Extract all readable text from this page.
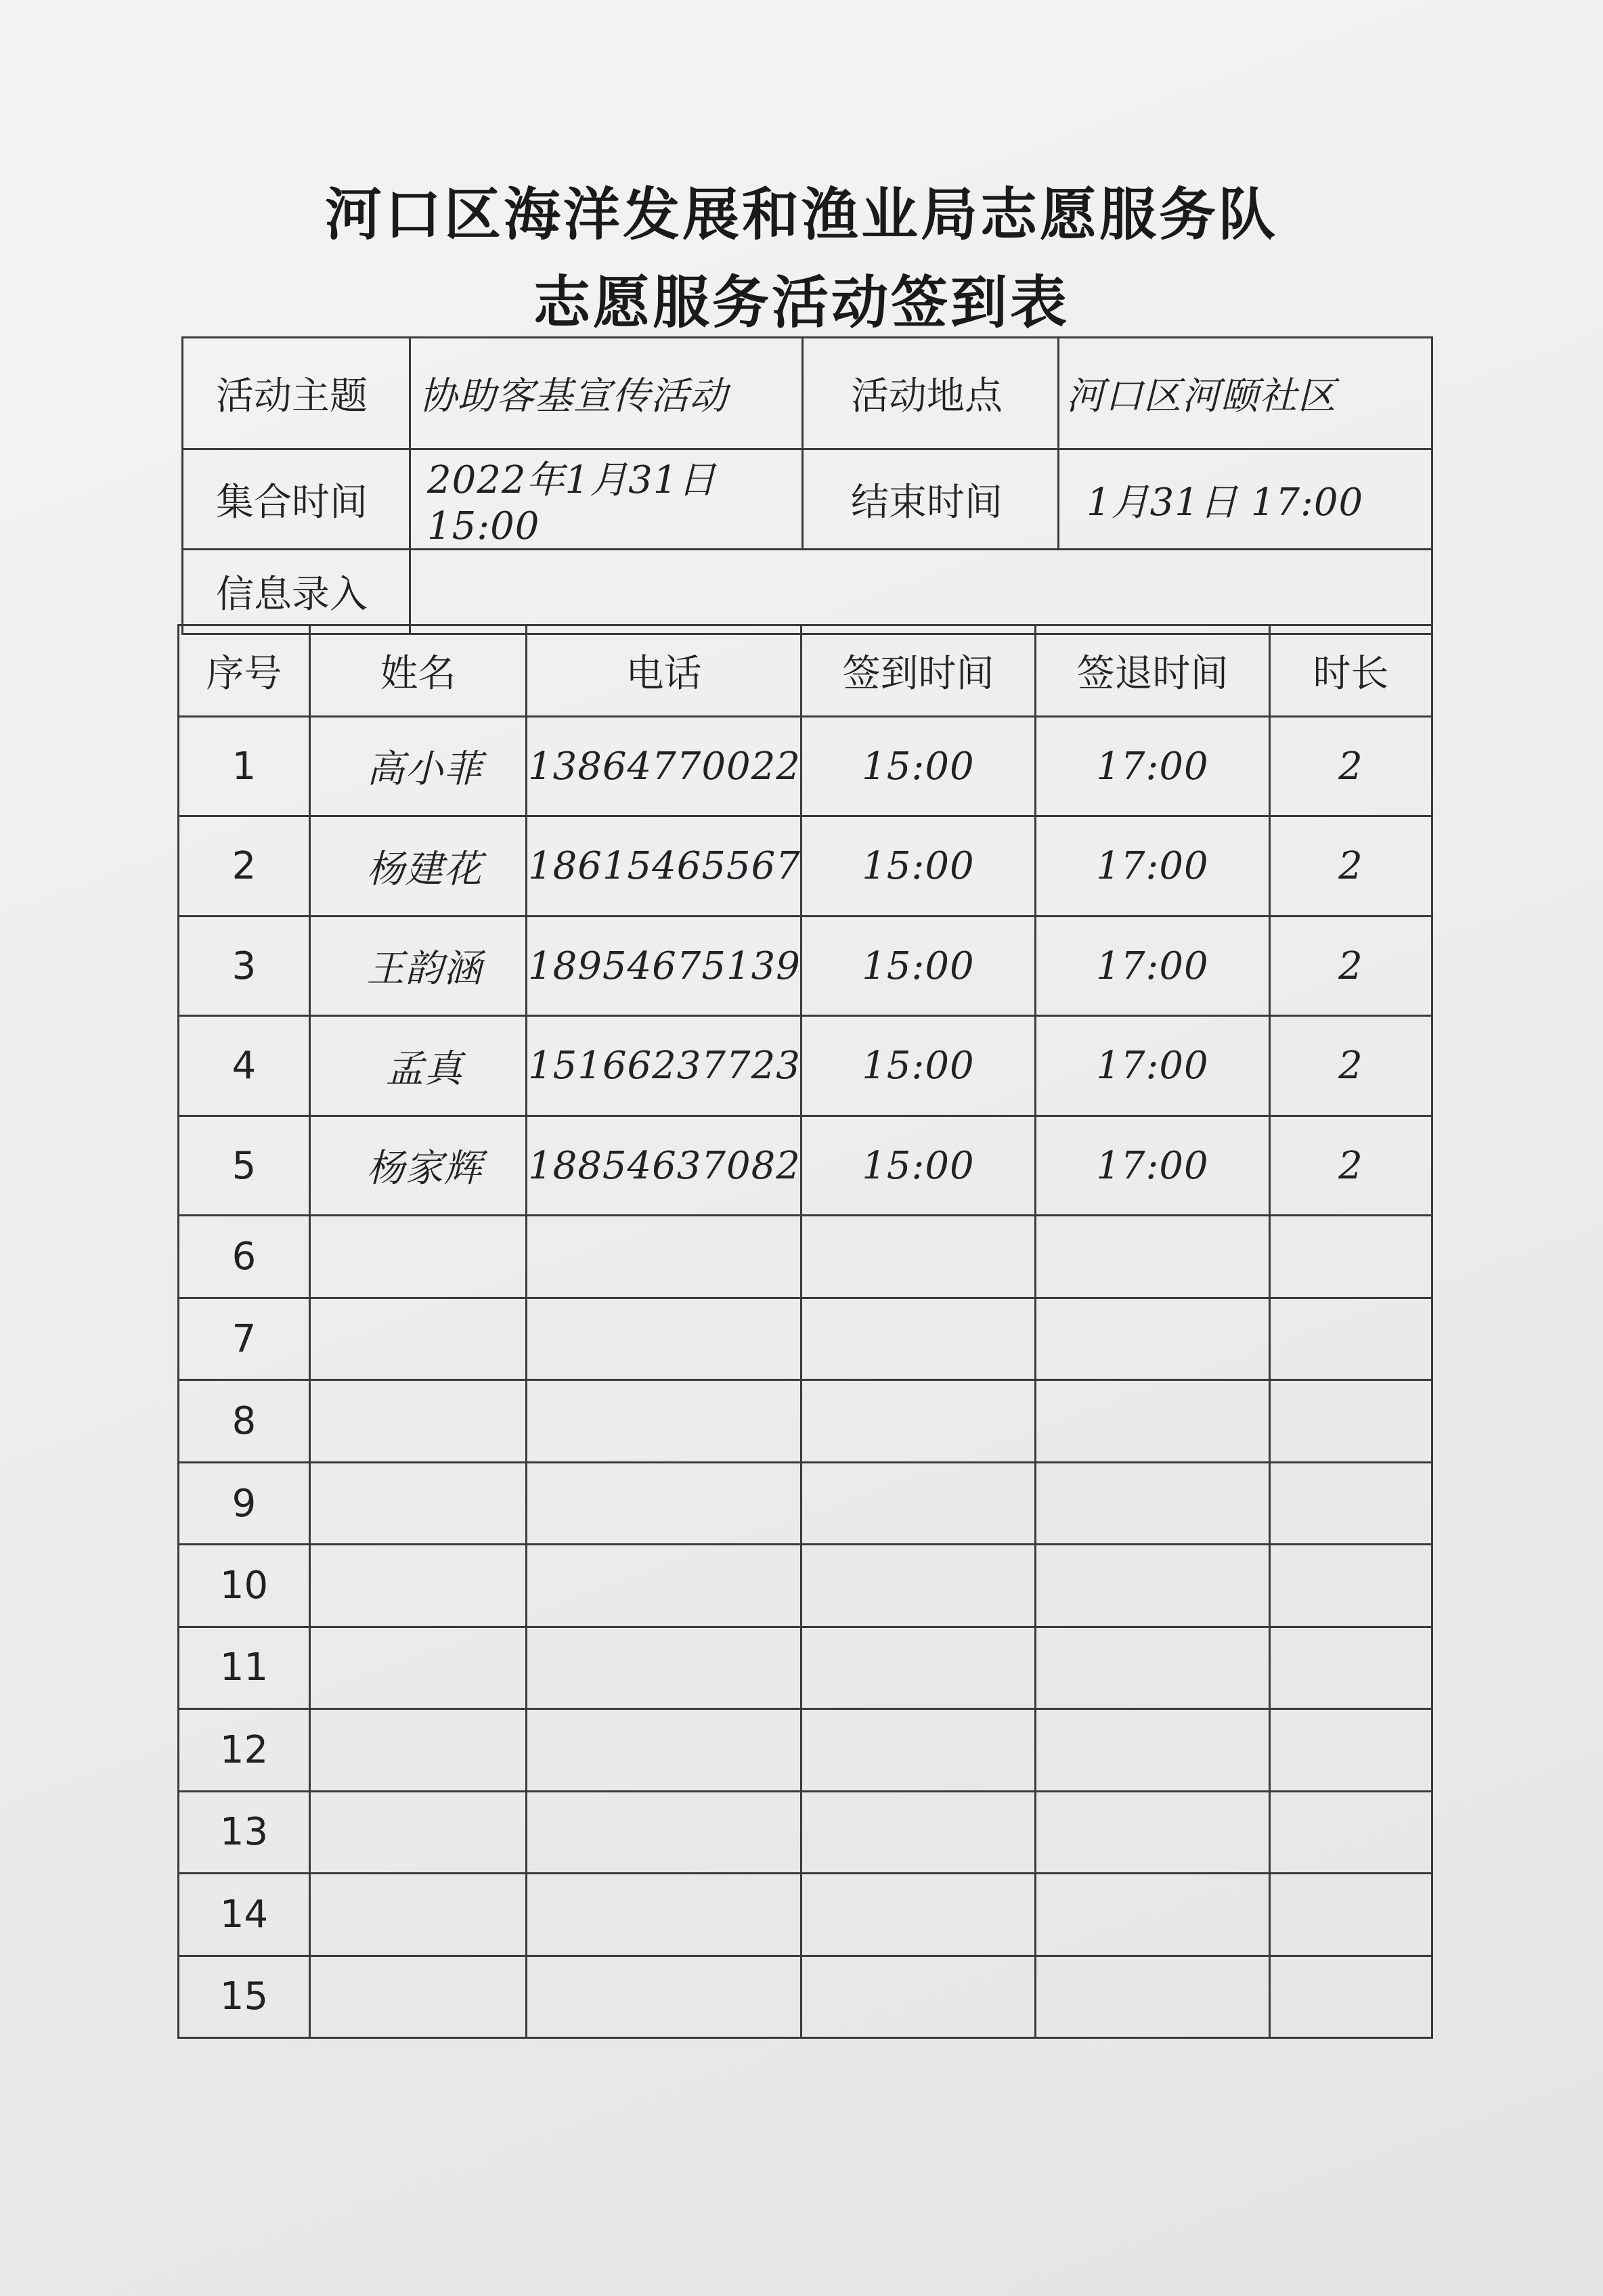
河口区海洋发展和渔业局志愿服务队
志愿服务活动签到表
活动主题	协助客基宣传活动	活动地点	河口区河颐社区
集合时间	2022年1月31日 15:00	结束时间	1月31日 17:00
信息录入			
序号	姓名	电话	签到时间	签退时间	时长
1	高小菲	13864770022	15:00	17:00	2
2	杨建花	18615465567	15:00	17:00	2
3	王韵涵	18954675139	15:00	17:00	2
4	孟真	15166237723	15:00	17:00	2
5	杨家辉	18854637082	15:00	17:00	2
6					
7					
8					
9					
10					
11					
12					
13					
14					
15					
